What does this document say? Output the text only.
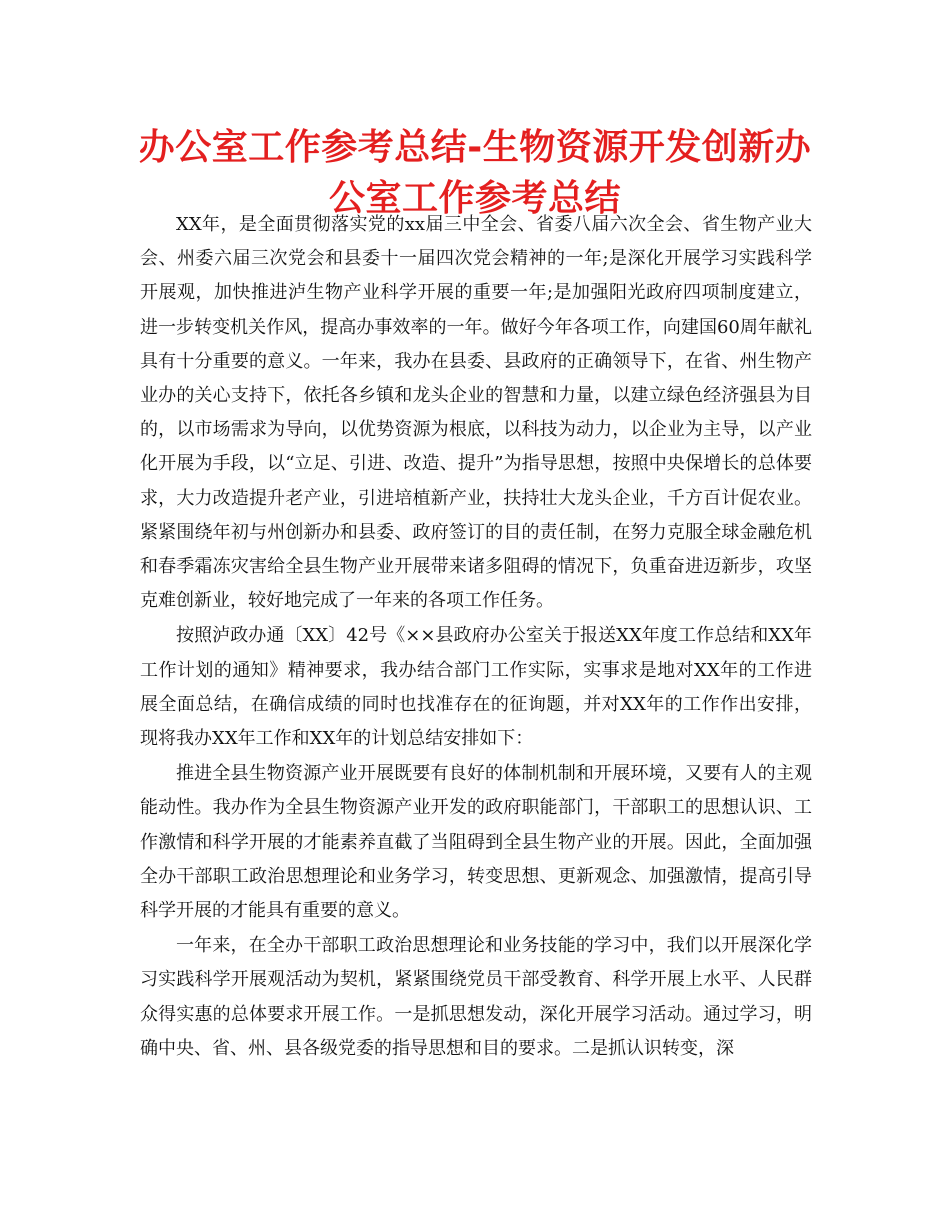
办公室工作参考总结-生物资源开发创新办公室工作参考总结

XX年，是全面贯彻落实党的xx届三中全会、省委八届六次全会、省生物产业大会、州委六届三次党会和县委十一届四次党会精神的一年;是深化开展学习实践科学开展观，加快推进泸生物产业科学开展的重要一年;是加强阳光政府四项制度建立，进一步转变机关作风，提高办事效率的一年。做好今年各项工作，向建国60周年献礼具有十分重要的意义。一年来，我办在县委、县政府的正确领导下，在省、州生物产业办的关心支持下，依托各乡镇和龙头企业的智慧和力量，以建立绿色经济强县为目的，以市场需求为导向，以优势资源为根底，以科技为动力，以企业为主导，以产业化开展为手段，以“立足、引进、改造、提升”为指导思想，按照中央保增长的总体要求，大力改造提升老产业，引进培植新产业，扶持壮大龙头企业，千方百计促农业。紧紧围绕年初与州创新办和县委、政府签订的目的责任制，在努力克服全球金融危机和春季霜冻灾害给全县生物产业开展带来诸多阻碍的情况下，负重奋进迈新步，攻坚克难创新业，较好地完成了一年来的各项工作任务。

按照泸政办通〔XX〕42号《××县政府办公室关于报送XX年度工作总结和XX年工作计划的通知》精神要求，我办结合部门工作实际，实事求是地对XX年的工作进展全面总结，在确信成绩的同时也找准存在的征询题，并对XX年的工作作出安排，现将我办XX年工作和XX年的计划总结安排如下：

推进全县生物资源产业开展既要有良好的体制机制和开展环境，又要有人的主观能动性。我办作为全县生物资源产业开发的政府职能部门，干部职工的思想认识、工作激情和科学开展的才能素养直截了当阻碍到全县生物产业的开展。因此，全面加强全办干部职工政治思想理论和业务学习，转变思想、更新观念、加强激情，提高引导科学开展的才能具有重要的意义。

一年来，在全办干部职工政治思想理论和业务技能的学习中，我们以开展深化学习实践科学开展观活动为契机，紧紧围绕党员干部受教育、科学开展上水平、人民群众得实惠的总体要求开展工作。一是抓思想发动，深化开展学习活动。通过学习，明确中央、省、州、县各级党委的指导思想和目的要求。二是抓认识转变，深
